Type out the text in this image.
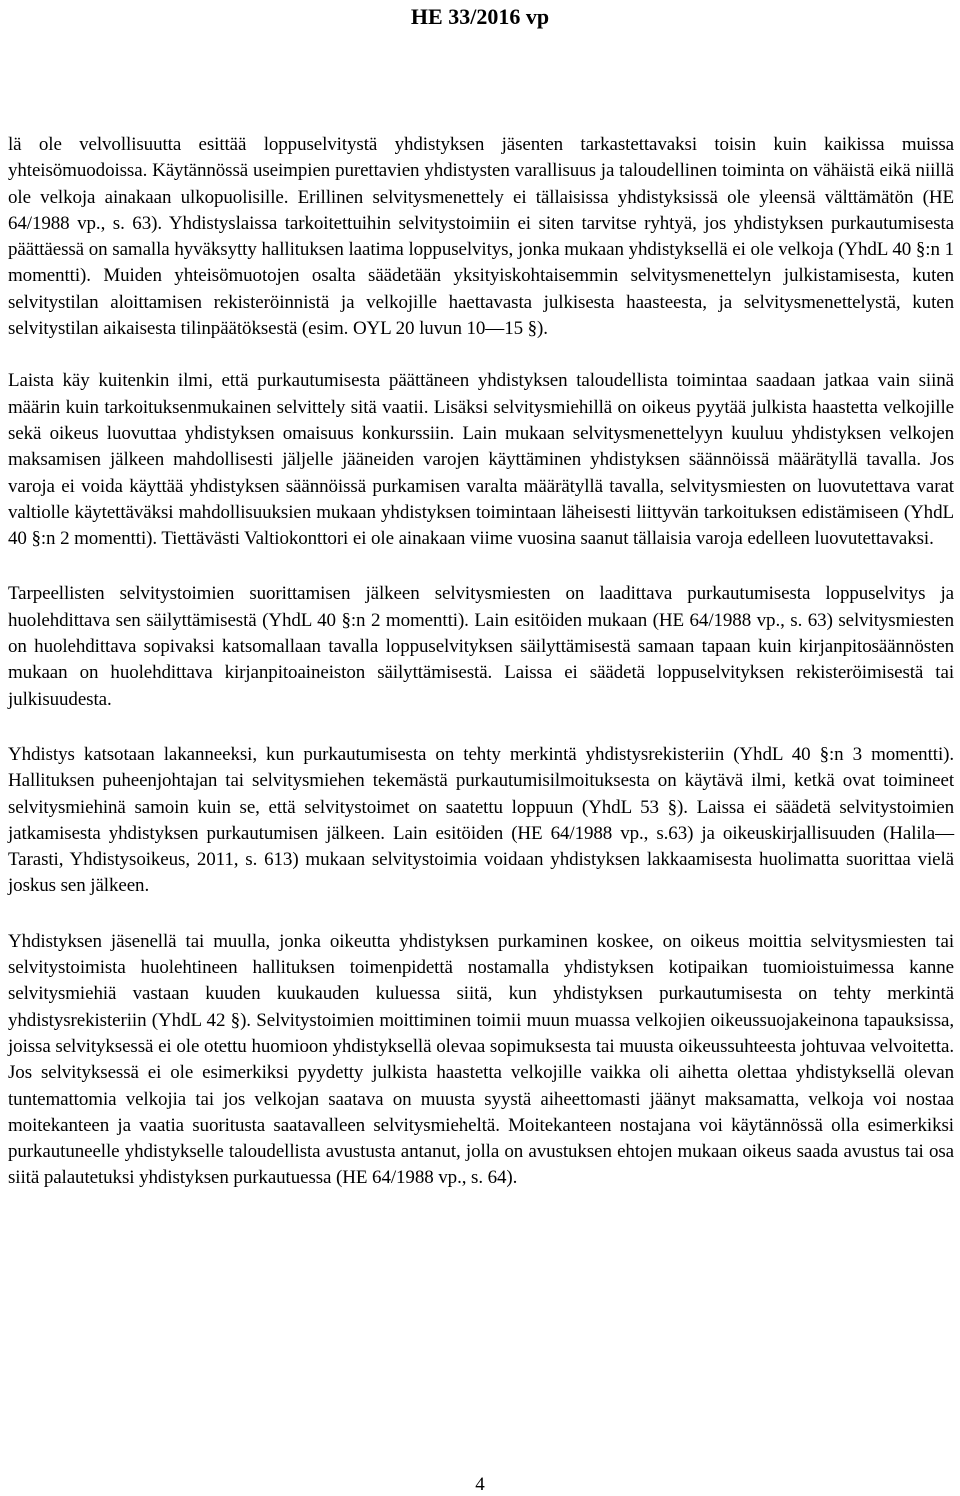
HE 33/2016 vp

lä ole velvollisuutta esittää loppuselvitystä yhdistyksen jäsenten tarkastettavaksi toisin kuin kaikissa muissa yhteisömuodoissa. Käytännössä useimpien purettavien yhdistysten varallisuus ja taloudellinen toiminta on vähäistä eikä niillä ole velkoja ainakaan ulkopuolisille. Erillinen selvitysmenettely ei tällaisissa yhdistyksissä ole yleensä välttämätön (HE 64/1988 vp., s. 63). Yhdistyslaissa tarkoitettuihin selvitystoimiin ei siten tarvitse ryhtyä, jos yhdistyksen purkautumisesta päättäessä on samalla hyväksytty hallituksen laatima loppuselvitys, jonka mukaan yhdistyksellä ei ole velkoja (YhdL 40 §:n 1 momentti). Muiden yhteisömuotojen osalta säädetään yksityiskohtaisemmin selvitysmenettelyn julkistamisesta, kuten selvitystilan aloittamisen rekisteröinnistä ja velkojille haettavasta julkisesta haasteesta, ja selvitysmenettelystä, kuten selvitystilan aikaisesta tilinpäätöksestä (esim. OYL 20 luvun 10—15 §).

Laista käy kuitenkin ilmi, että purkautumisesta päättäneen yhdistyksen taloudellista toimintaa saadaan jatkaa vain siinä määrin kuin tarkoituksenmukainen selvittely sitä vaatii. Lisäksi selvitysmiehillä on oikeus pyytää julkista haastetta velkojille sekä oikeus luovuttaa yhdistyksen omaisuus konkurssiin. Lain mukaan selvitysmenettelyyn kuuluu yhdistyksen velkojen maksamisen jälkeen mahdollisesti jäljelle jääneiden varojen käyttäminen yhdistyksen säännöissä määrätyllä tavalla. Jos varoja ei voida käyttää yhdistyksen säännöissä purkamisen varalta määrätyllä tavalla, selvitysmiesten on luovutettava varat valtiolle käytettäväksi mahdollisuuksien mukaan yhdistyksen toimintaan läheisesti liittyvän tarkoituksen edistämiseen (YhdL 40 §:n 2 momentti). Tiettävästi Valtiokonttori ei ole ainakaan viime vuosina saanut tällaisia varoja edelleen luovutettavaksi.

Tarpeellisten selvitystoimien suorittamisen jälkeen selvitysmiesten on laadittava purkautumisesta loppuselvitys ja huolehdittava sen säilyttämisestä (YhdL 40 §:n 2 momentti). Lain esitöiden mukaan (HE 64/1988 vp., s. 63) selvitysmiesten on huolehdittava sopivaksi katsomallaan tavalla loppuselvityksen säilyttämisestä samaan tapaan kuin kirjanpitosäännösten mukaan on huolehdittava kirjanpitoaineiston säilyttämisestä. Laissa ei säädetä loppuselvityksen rekisteröimisestä tai julkisuudesta.

Yhdistys katsotaan lakanneeksi, kun purkautumisesta on tehty merkintä yhdistysrekisteriin (YhdL 40 §:n 3 momentti). Hallituksen puheenjohtajan tai selvitysmiehen tekemästä purkautumisilmoituksesta on käytävä ilmi, ketkä ovat toimineet selvitysmiehinä samoin kuin se, että selvitystoimet on saatettu loppuun (YhdL 53 §). Laissa ei säädetä selvitystoimien jatkamisesta yhdistyksen purkautumisen jälkeen. Lain esitöiden (HE 64/1988 vp., s.63) ja oikeuskirjallisuuden (Halila—Tarasti, Yhdistysoikeus, 2011, s. 613) mukaan selvitystoimia voidaan yhdistyksen lakkaamisesta huolimatta suorittaa vielä joskus sen jälkeen.

Yhdistyksen jäsenellä tai muulla, jonka oikeutta yhdistyksen purkaminen koskee, on oikeus moittia selvitysmiesten tai selvitystoimista huolehtineen hallituksen toimenpidettä nostamalla yhdistyksen kotipaikan tuomioistuimessa kanne selvitysmiehiä vastaan kuuden kuukauden kuluessa siitä, kun yhdistyksen purkautumisesta on tehty merkintä yhdistysrekisteriin (YhdL 42 §). Selvitystoimien moittiminen toimii muun muassa velkojien oikeussuojakeinona tapauksissa, joissa selvityksessä ei ole otettu huomioon yhdistyksellä olevaa sopimuksesta tai muusta oikeussuhteesta johtuvaa velvoitetta. Jos selvityksessä ei ole esimerkiksi pyydetty julkista haastetta velkojille vaikka oli aihetta olettaa yhdistyksellä olevan tuntemattomia velkojia tai jos velkojan saatava on muusta syystä aiheettomasti jäänyt maksamatta, velkoja voi nostaa moitekanteen ja vaatia suoritusta saatavalleen selvitysmieheltä. Moitekanteen nostajana voi käytännössä olla esimerkiksi purkautuneelle yhdistykselle taloudellista avustusta antanut, jolla on avustuksen ehtojen mukaan oikeus saada avustus tai osa siitä palautetuksi yhdistyksen purkautuessa (HE 64/1988 vp., s. 64).

4
